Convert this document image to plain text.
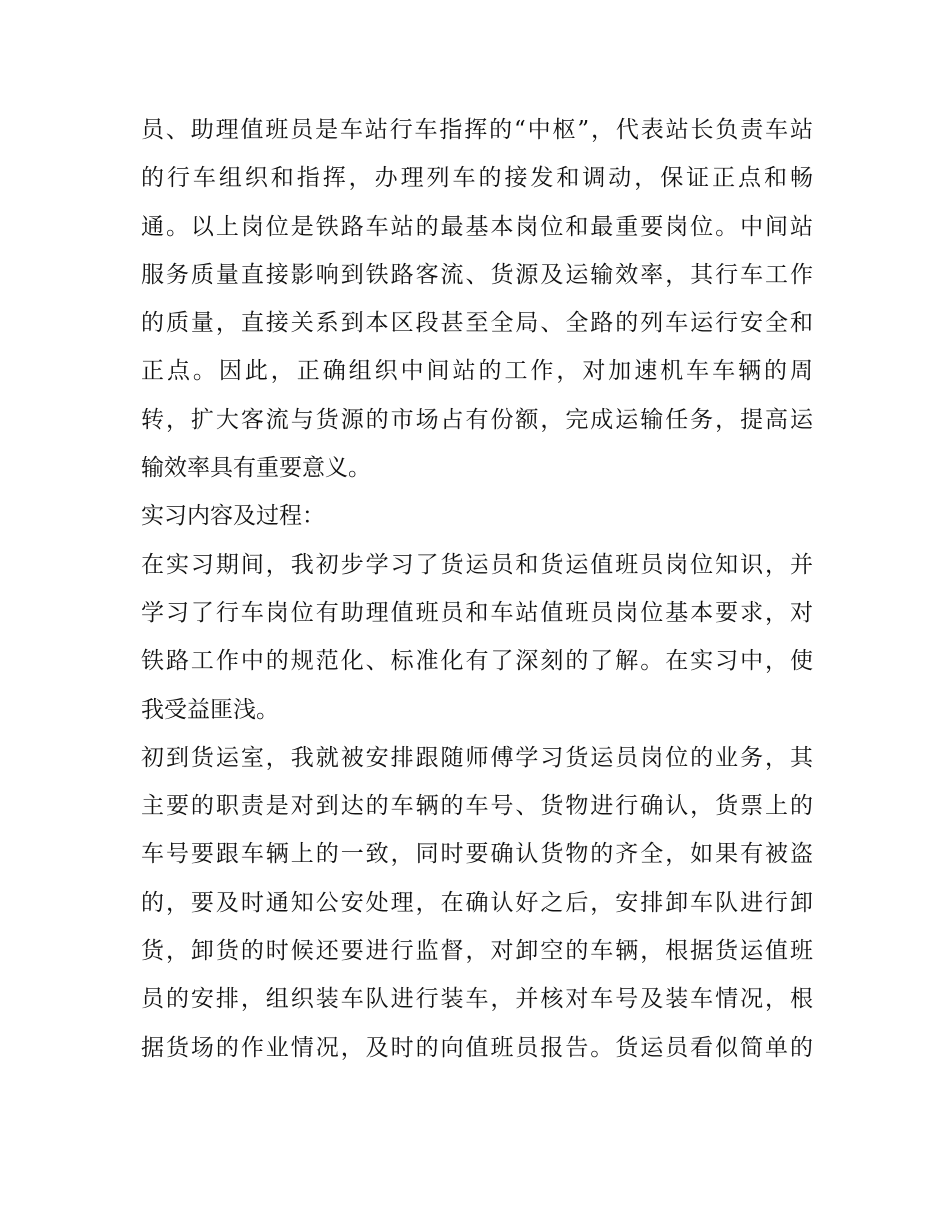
员、助理值班员是车站行车指挥的“中枢”，代表站长负责车站
的行车组织和指挥，办理列车的接发和调动，保证正点和畅
通。以上岗位是铁路车站的最基本岗位和最重要岗位。中间站
服务质量直接影响到铁路客流、货源及运输效率，其行车工作
的质量，直接关系到本区段甚至全局、全路的列车运行安全和
正点。因此，正确组织中间站的工作，对加速机车车辆的周
转，扩大客流与货源的市场占有份额，完成运输任务，提高运
输效率具有重要意义。
实习内容及过程：
在实习期间，我初步学习了货运员和货运值班员岗位知识，并
学习了行车岗位有助理值班员和车站值班员岗位基本要求，对
铁路工作中的规范化、标准化有了深刻的了解。在实习中，使
我受益匪浅。
初到货运室，我就被安排跟随师傅学习货运员岗位的业务，其
主要的职责是对到达的车辆的车号、货物进行确认，货票上的
车号要跟车辆上的一致，同时要确认货物的齐全，如果有被盗
的，要及时通知公安处理，在确认好之后，安排卸车队进行卸
货，卸货的时候还要进行监督，对卸空的车辆，根据货运值班
员的安排，组织装车队进行装车，并核对车号及装车情况，根
据货场的作业情况，及时的向值班员报告。货运员看似简单的
